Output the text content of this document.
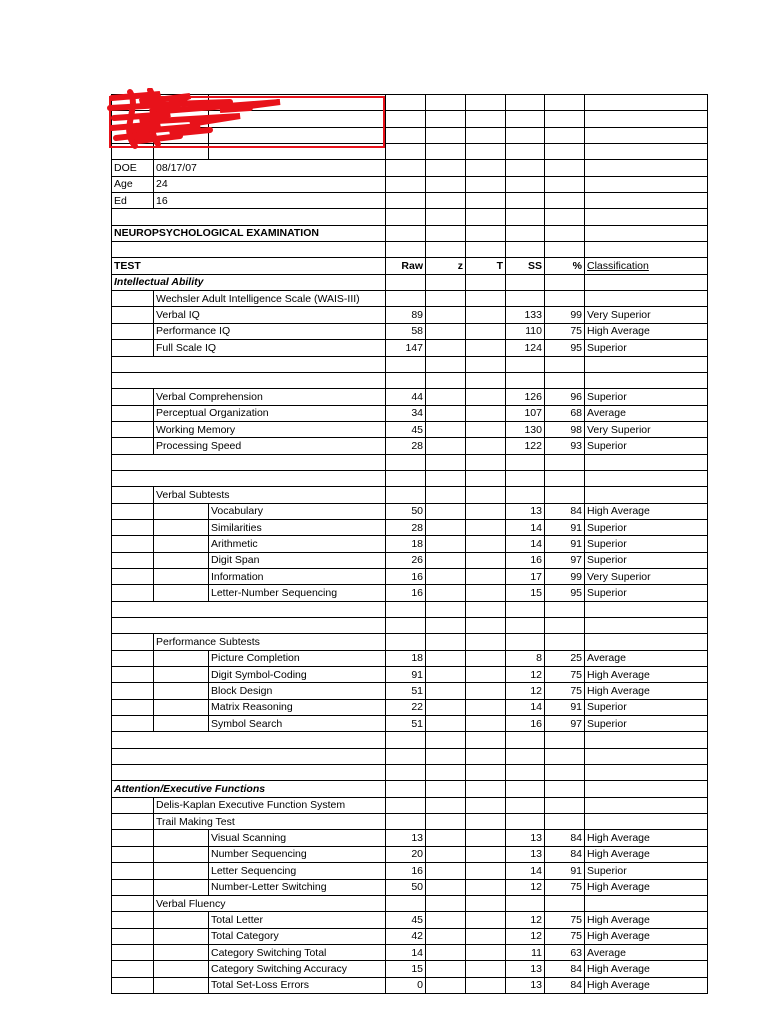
DOE	08/17/07							
Age	24							
Ed	16							

NEUROPSYCHOLOGICAL EXAMINATION								

TEST			Raw	z	T	SS	%	Classification
Intellectual Ability								
	Wechsler Adult Intelligence Scale (WAIS-III)							
	Verbal IQ		89			133	99	Very Superior
	Performance IQ		58			110	75	High Average
	Full Scale IQ		147			124	95	Superior

	Verbal Comprehension		44			126	96	Superior
	Perceptual Organization		34			107	68	Average
	Working Memory		45			130	98	Very Superior
	Processing Speed		28			122	93	Superior

	Verbal Subtests							
		Vocabulary	50			13	84	High Average
		Similarities	28			14	91	Superior
		Arithmetic	18			14	91	Superior
		Digit Span	26			16	97	Superior
		Information	16			17	99	Very Superior
		Letter-Number Sequencing	16			15	95	Superior

	Performance Subtests							
		Picture Completion	18			8	25	Average
		Digit Symbol-Coding	91			12	75	High Average
		Block Design	51			12	75	High Average
		Matrix Reasoning	22			14	91	Superior
		Symbol Search	51			16	97	Superior

Attention/Executive Functions								
	Delis-Kaplan Executive Function System							
	Trail Making Test							
		Visual Scanning	13			13	84	High Average
		Number Sequencing	20			13	84	High Average
		Letter Sequencing	16			14	91	Superior
		Number-Letter Switching	50			12	75	High Average
	Verbal Fluency							
		Total Letter	45			12	75	High Average
		Total Category	42			12	75	High Average
		Category Switching Total	14			11	63	Average
		Category Switching Accuracy	15			13	84	High Average
		Total Set-Loss Errors	0			13	84	High Average
